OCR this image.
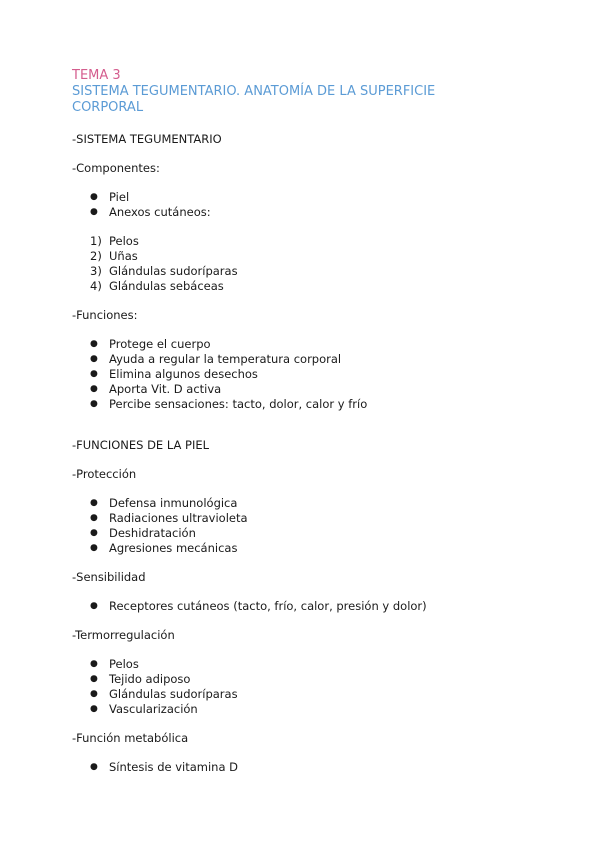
TEMA 3

SISTEMA TEGUMENTARIO. ANATOMÍA DE LA SUPERFICIE

CORPORAL

-SISTEMA TEGUMENTARIO

-Componentes:

● Piel
● Anexos cutáneos:
1) Pelos
2) Uñas
3) Glándulas sudoríparas
4) Glándulas sebáceas

-Funciones:

● Protege el cuerpo
● Ayuda a regular la temperatura corporal
● Elimina algunos desechos
● Aporta Vit. D activa
● Percibe sensaciones: tacto, dolor, calor y frío

-FUNCIONES DE LA PIEL

-Protección

● Defensa inmunológica
● Radiaciones ultravioleta
● Deshidratación
● Agresiones mecánicas

-Sensibilidad

● Receptores cutáneos (tacto, frío, calor, presión y dolor)

-Termorregulación

● Pelos
● Tejido adiposo
● Glándulas sudoríparas
● Vascularización

-Función metabólica

● Síntesis de vitamina D
